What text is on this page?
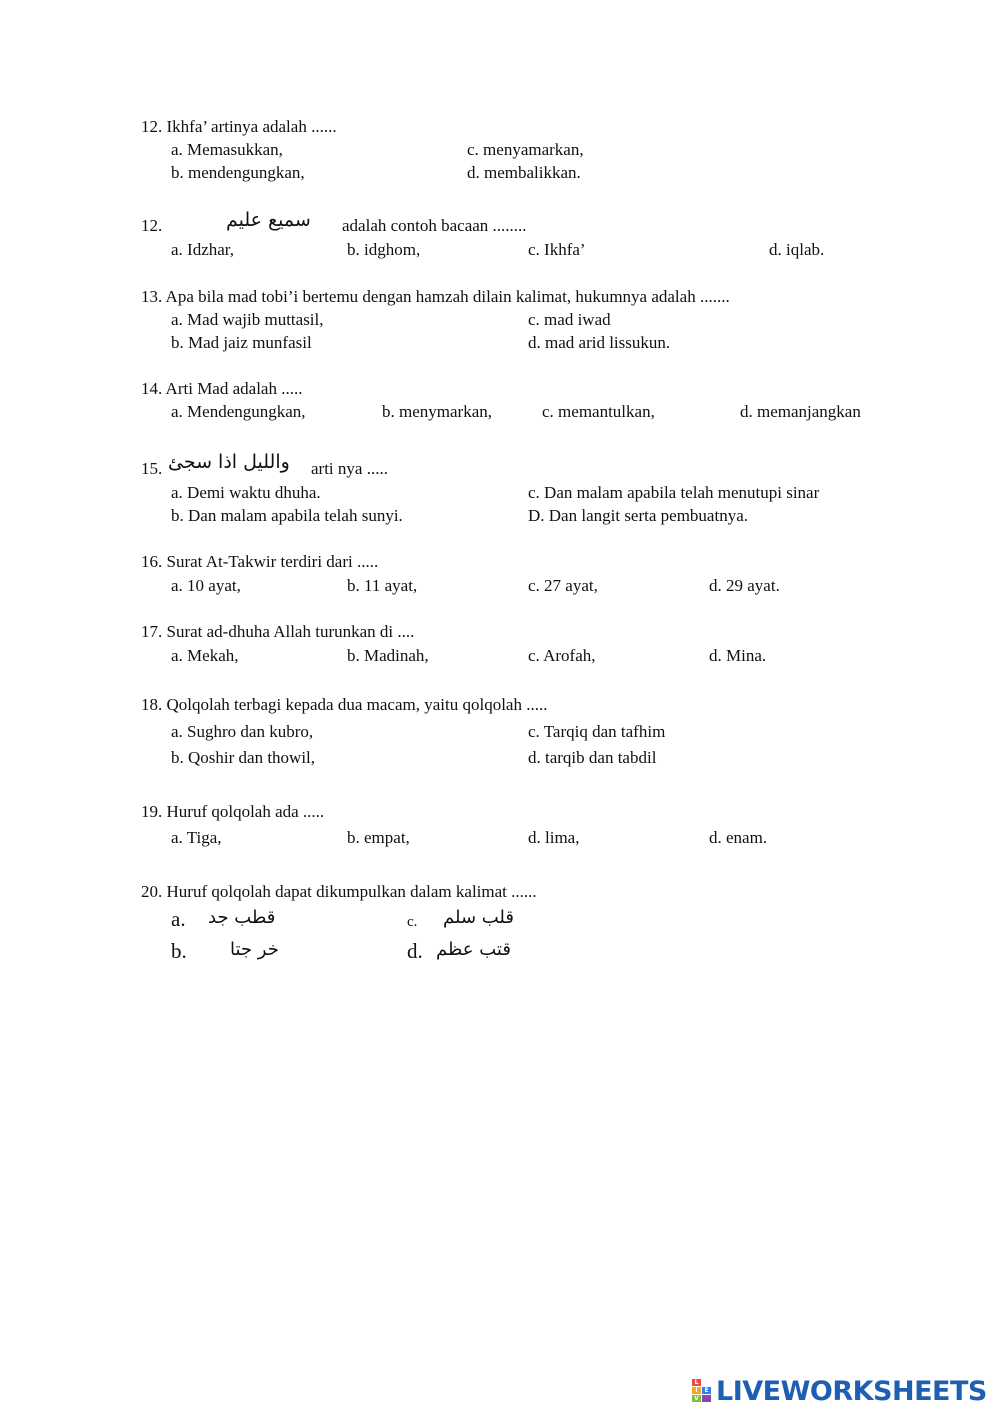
12. Ikhfa’ artinya adalah ......
a. Memasukkan,	c. menyamarkan,
b. mendengungkan,	d. membalikkan.
12.	سميع عليم adalah contoh bacaan ........
a. Idzhar,	b. idghom,	c. Ikhfa’	d. iqlab.
13. Apa bila mad tobi’i bertemu dengan hamzah dilain kalimat, hukumnya adalah .......
a. Mad wajib muttasil,	c. mad iwad
b. Mad jaiz munfasil	d. mad arid lissukun.
14. Arti Mad adalah .....
a. Mendengungkan,	b. menymarkan,	c. memantulkan,	d. memanjangkan
15. والليل اذا سجئ arti nya .....
a. Demi waktu dhuha.	c. Dan malam apabila telah menutupi sinar
b. Dan malam apabila telah sunyi.	D. Dan langit serta pembuatnya.
16. Surat At-Takwir terdiri dari .....
a. 10 ayat,	b. 11 ayat,	c. 27 ayat,	d. 29 ayat.
17. Surat ad-dhuha Allah turunkan di ....
a. Mekah,	b. Madinah,	c. Arofah,	d. Mina.
18. Qolqolah terbagi kepada dua macam, yaitu qolqolah .....
a. Sughro dan kubro,	c. Tarqiq dan tafhim
b. Qoshir dan thowil,	d. tarqib dan tabdil
19. Huruf qolqolah ada .....
a. Tiga,	b. empat,	d. lima,	d. enam.
20. Huruf qolqolah dapat dikumpulkan dalam kalimat ......
a. قطب جد	c. قلب سلم
b. خر جتا	d. قتب عظم
L
I
V
E LIVEWORKSHEETS
